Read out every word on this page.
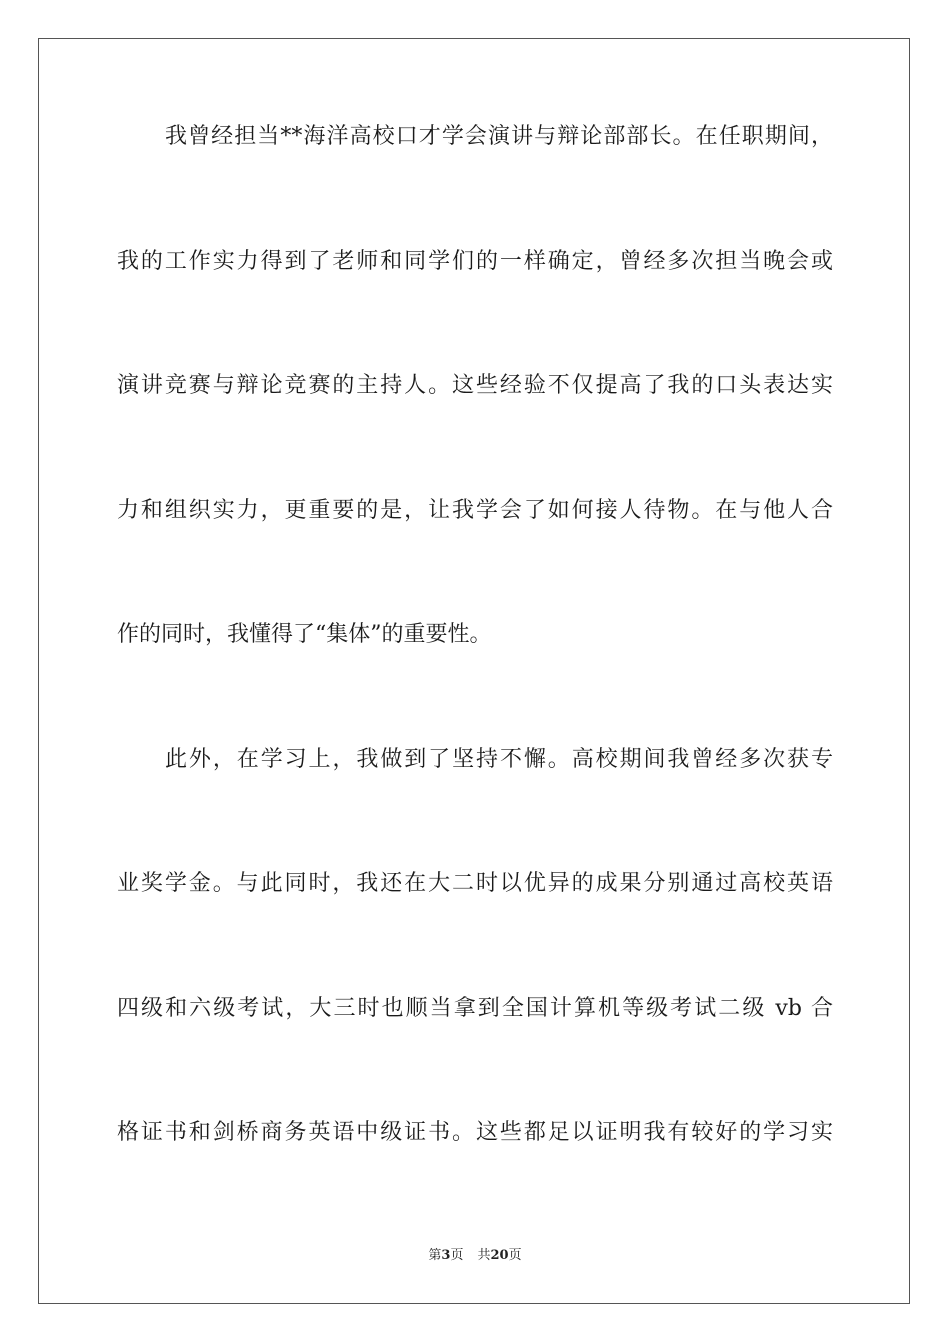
我曾经担当**海洋高校口才学会演讲与辩论部部长。在任职期间，
我的工作实力得到了老师和同学们的一样确定，曾经多次担当晚会或
演讲竞赛与辩论竞赛的主持人。这些经验不仅提高了我的口头表达实
力和组织实力，更重要的是，让我学会了如何接人待物。在与他人合
作的同时，我懂得了“集体”的重要性。
此外，在学习上，我做到了坚持不懈。高校期间我曾经多次获专
业奖学金。与此同时，我还在大二时以优异的成果分别通过高校英语
四级和六级考试，大三时也顺当拿到全国计算机等级考试二级 vb 合
格证书和剑桥商务英语中级证书。这些都足以证明我有较好的学习实
第3页 共20页
